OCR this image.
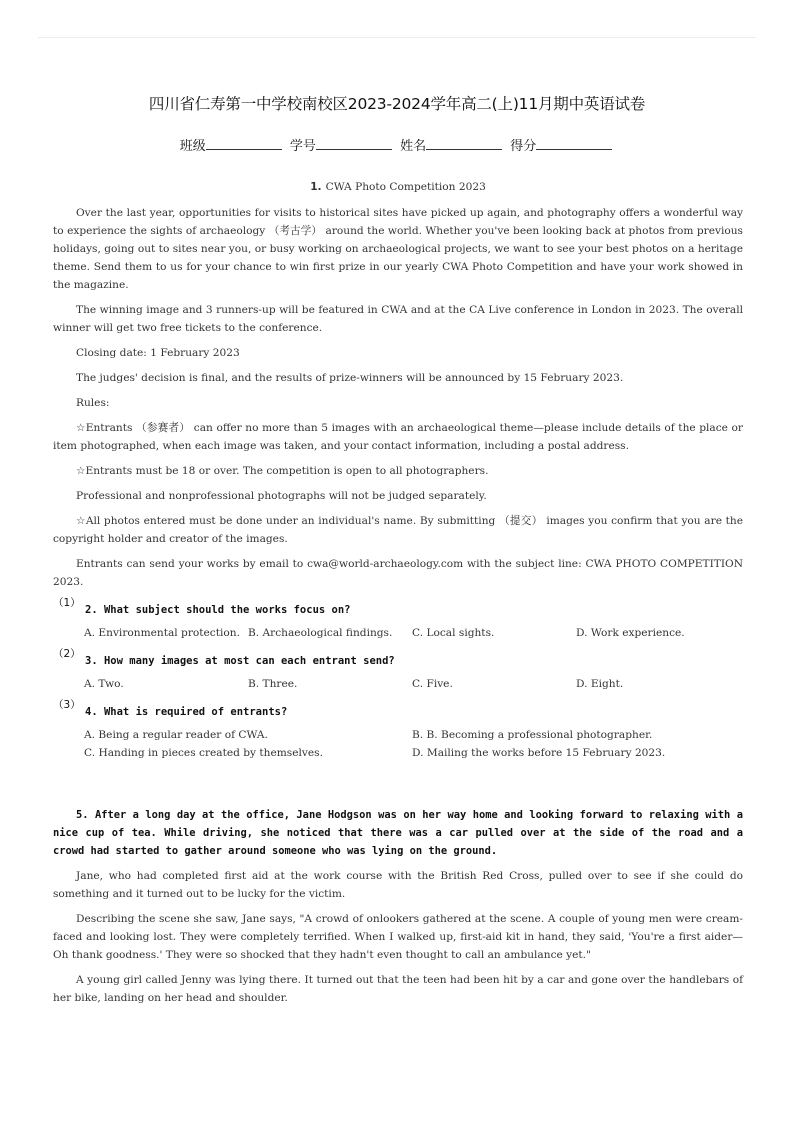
四川省仁寿第一中学校南校区2023-2024学年高二(上)11月期中英语试卷
班级	学号	姓名	得分
1. CWA Photo Competition 2023

Over the last year, opportunities for visits to historical sites have picked up again, and photography offers a wonderful way to experience the sights of archaeology （考古学） around the world. Whether you've been looking back at photos from previous holidays, going out to sites near you, or busy working on archaeological projects, we want to see your best photos on a heritage theme. Send them to us for your chance to win first prize in our yearly CWA Photo Competition and have your work showed in the magazine.

The winning image and 3 runners-up will be featured in CWA and at the CA Live conference in London in 2023. The overall winner will get two free tickets to the conference.

Closing date: 1 February 2023

The judges' decision is final, and the results of prize-winners will be announced by 15 February 2023.

Rules:

☆Entrants （参赛者） can offer no more than 5 images with an archaeological theme—please include details of the place or item photographed, when each image was taken, and your contact information, including a postal address.

☆Entrants must be 18 or over. The competition is open to all photographers.

Professional and nonprofessional photographs will not be judged separately.

☆All photos entered must be done under an individual's name. By submitting （提交） images you confirm that you are the copyright holder and creator of the images.

Entrants can send your works by email to cwa@world-archaeology.com with the subject line: CWA PHOTO COMPETITION 2023.

（1）
2. What subject should the works focus on?
A. Environmental protection. B. Archaeological findings.	C. Local sights.	D. Work experience.
（2）
3. How many images at most can each entrant send?
A. Two.	B. Three.	C. Five.	D. Eight.
（3）
4. What is required of entrants?
A. Being a regular reader of CWA.	B. B. Becoming a professional photographer.
C. Handing in pieces created by themselves.	D. Mailing the works before 15 February 2023.

5. After a long day at the office, Jane Hodgson was on her way home and looking forward to relaxing with a nice cup of tea. While driving, she noticed that there was a car pulled over at the side of the road and a crowd had started to gather around someone who was lying on the ground.

Jane, who had completed first aid at the work course with the British Red Cross, pulled over to see if she could do something and it turned out to be lucky for the victim.

Describing the scene she saw, Jane says, "A crowd of onlookers gathered at the scene. A couple of young men were cream-faced and looking lost. They were completely terrified. When I walked up, first-aid kit in hand, they said, 'You're a first aider—Oh thank goodness.' They were so shocked that they hadn't even thought to call an ambulance yet."

A young girl called Jenny was lying there. It turned out that the teen had been hit by a car and gone over the handlebars of her bike, landing on her head and shoulder.
